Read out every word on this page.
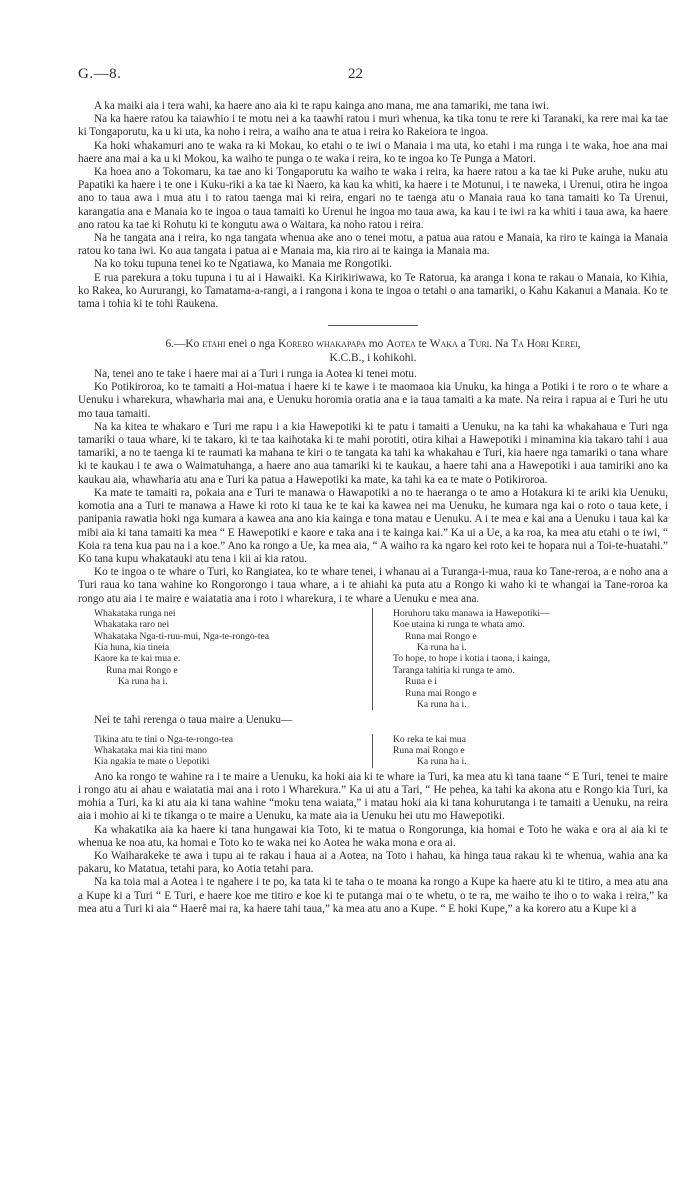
G.—8.	22

A ka maiki aia i tera wahi, ka haere ano aia ki te rapu kainga ano mana, me ana tamariki, me tana iwi.

Na ka haere ratou ka taiawhio i te motu nei a ka taawhi ratou i muri whenua, ka tika tonu te rere ki Taranaki, ka rere mai ka tae ki Tongaporutu, ka u ki uta, ka noho i reira, a waiho ana te atua i reira ko Rakeiora te ingoa.

Ka hoki whakamuri ano te waka ra ki Mokau, ko etahi o te iwi o Manaia i ma uta, ko etahi i ma runga i te waka, hoe ana mai haere ana mai a ka u ki Mokou, ka waiho te punga o te waka i reira, ko te ingoa ko Te Punga a Matori.

Ka hoea ano a Tokomaru, ka tae ano ki Tongaporutu ka waiho te waka i reira, ka haere ratou a ka tae ki Puke aruhe, nuku atu Papatiki ka haere i te one i Kuku-riki a ka tae ki Naero, ka kau ka whiti, ka haere i te Motunui, i te naweka, i Urenui, otira he ingoa ano to taua awa i mua atu i to ratou taenga mai ki reira, engari no te taenga atu o Manaia raua ko tana tamaiti ko Ta Urenui, karangatia ana e Manaia ko te ingoa o taua tamaiti ko Urenui he ingoa mo taua awa, ka kau i te iwi ra ka whiti i taua awa, ka haere ano ratou ka tae ki Rohutu ki te kongutu awa o Waitara, ka noho ratou i reira.

Na he tangata ana i reira, ko nga tangata whenua ake ano o tenei motu, a patua aua ratou e Manaia, ka riro te kainga ia Manaia ratou ko tana iwi. Ko aua tangata i patua ai e Manaia ma, kia riro ai te kainga ia Manaia ma.

Na ko toku tupuna tenei ko te Ngatiawa, ko Manaia me Rongotiki.

E rua parekura a toku tupuna i tu ai i Hawaiki. Ka Kirikiriwawa, ko Te Ratorua, ka aranga i kona te rakau o Manaia, ko Kihia, ko Rakea, ko Aururangi, ko Tamatama-a-rangi, a i rangona i kona te ingoa o tetahi o ana tamariki, o Kahu Kakanui a Manaia. Ko te tama i tohia ki te tohi Raukena.

6.—Ko etahi enei o nga Korero whakapapa mo Aotea te Waka a Turi. Na Ta Hori Kerei,
K.C.B., i kohikohi.

Na, tenei ano te take i haere mai ai a Turi i runga ia Aotea ki tenei motu.

Ko Potikiroroa, ko te tamaiti a Hoi-matua i haere ki te kawe i te maomaoa kia Unuku, ka hinga a Potiki i te roro o te whare a Uenuku i wharekura, whawharia mai ana, e Uenuku horomia oratia ana e ia taua tamaiti a ka mate. Na reira i rapua ai e Turi he utu mo taua tamaiti.

Na ka kitea te whakaro e Turi me rapu i a kia Hawepotiki ki te patu i tamaiti a Uenuku, na ka tahi ka whakahaua e Turi nga tamariki o taua whare, ki te takaro, ki te taa kaihotaka ki te mahi porotiti, otira kihai a Hawepotiki i minamina kia takaro tahi i aua tamariki, a no te taenga ki te raumati ka mahana te kiri o te tangata ka tahi ka whakahau e Turi, kia haere nga tamariki o tana whare ki te kaukau i te awa o Waimatuhanga, a haere ano aua tamariki ki te kaukau, a haere tahi ana a Hawepotiki i aua tamiriki ano ka kaukau aia, whawharia atu ana e Turi ka patua a Hawepotiki ka mate, ka tahi ka ea te mate o Potikiroroa.

Ka mate te tamaiti ra, pokaia ana e Turi te manawa o Hawapotiki a no te haeranga o te amo a Hotakura ki te ariki kia Uenuku, komotia ana a Turi te manawa a Hawe ki roto ki taua ke te kai ka kawea nei ma Uenuku, he kumara nga kai o roto o taua kete, i panipania rawatia hoki nga kumara a kawea ana ano kia kainga e tona matau e Uenuku. A i te mea e kai ana a Uenuku i taua kai ka mibi aia ki tana tamaiti ka mea “ E Hawepotiki e kaore e taka ana i te kainga kai.” Ka ui a Ue, a ka roa, ka mea atu etahi o te iwi, “ Koia ra tena kua pau na i a koe.” Ano ka rongo a Ue, ka mea aia, “ A waiho ra ka ngaro kei roto kei te hopara nui a Toi-te-huatahi.” Ko tana kupu whakatauki atu tena i kii ai kia ratou.

Ko te ingoa o te whare o Turi, ko Rangiatea, ko te whare tenei, i whanau ai a Turanga-i-mua, raua ko Tane-reroa, a e noho ana a Turi raua ko tana wahine ko Rongorongo i taua whare, a i te ahiahi ka puta atu a Rongo ki waho ki te whangai ia Tane-roroa ka rongo atu aia i te maire e waiatatia ana i roto i wharekura, i te whare a Uenuku e mea ana.

Whakataka runga nei
Whakataka raro nei
Whakataka Nga-ti-ruu-mui, Nga-te-rongo-tea
Kia huna, kia tineia
Kaore ka te kai mua e.
Runa mai Rongo e
Ka runa ha i.
Horuhoru taku manawa ia Hawepotiki—
Koe utaina ki runga te whata amo.
Runa mai Rongo e
Ka runa ha i.
To hope, to hope i kotia i taona, i kainga,
Taranga tahitia ki runga te amo.
Runa e i
Runa mai Rongo e
Ka runa ha i.
Nei te tahi rerenga o taua maire a Uenuku—
Tikina atu te tini o Nga-te-rongo-tea
Whakataka mai kia tini mano
Kia ngakia te mate o Uepotiki
Ko reka te kai mua
Runa mai Rongo e
Ka runa ha i.

Ano ka rongo te wahine ra i te maire a Uenuku, ka hoki aia ki te whare ia Turi, ka mea atu ki tana taane “ E Turi, tenei te maire i rongo atu ai ahau e waiatatia mai ana i roto i Wharekura.” Ka ui atu a Tari, “ He pehea, ka tahi ka akona atu e Rongo kia Turi, ka mohia a Turi, ka ki atu aia ki tana wahine “moku tena waiata,” i matau hoki aia ki tana kohurutanga i te tamaiti a Uenuku, na reira aia i mohio ai ki te tikanga o te maire a Uenuku, ka mate aia ia Uenuku hei utu mo Hawepotiki.

Ka whakatika aia ka haere ki tana hungawai kia Toto, ki te matua o Rongorunga, kia homai e Toto he waka e ora ai aia ki te whenua ke noa atu, ka homai e Toto ko te waka nei ko Aotea he waka mona e ora ai.

Ko Waiharakeke te awa i tupu ai te rakau i haua ai a Aotea, na Toto i hahau, ka hinga taua rakau ki te whenua, wahia ana ka pakaru, ko Matatua, tetahi para, ko Aotia tetahi para.

Na ka toia mai a Aotea i te ngahere i te po, ka tata ki te taha o te moana ka rongo a Kupe ka haere atu ki te titiro, a mea atu ana a Kupe ki a Turi “ E Turi, e haere koe me titiro e koe ki te putanga mai o te whetu, o te ra, me waiho te iho o to waka i reira,” ka mea atu a Turi ki aia “ Haerê mai ra, ka haere tahi taua,” ka mea atu ano a Kupe. “ E hoki Kupe,” a ka korero atu a Kupe ki a
